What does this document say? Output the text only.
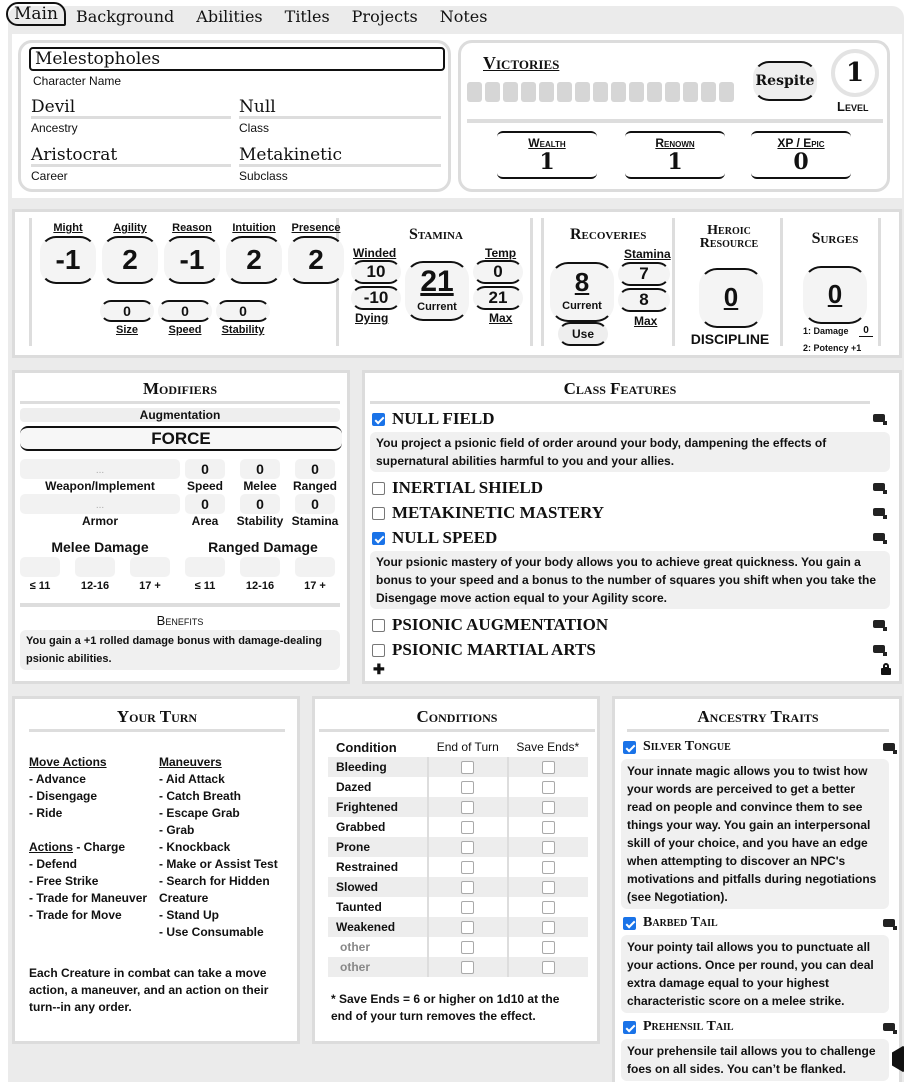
Main	Background Abilities Titles Projects Notes
Melestopholes
Character Name
Devil
Ancestry
Null
Class
Aristocrat
Career
Metakinetic
Subclass
Victories
Respite	1
Level
Wealth
1
Renown
1
XP / Epic
0
Might
-1
Agility
2
Reason
-1
Intuition
2
Presence
2
0
Size
0
Speed
0
Stability
Stamina
Winded
10
-10
Dying
21
Current
Temp
0
21
Max
Recoveries
8
Current
Use
Stamina
7
8
Max
Heroic
Resource
0
DISCIPLINE
Surges
0
1: Damage	0
2: Potency +1
Modifiers
Augmentation
FORCE
...
Weapon/Implement
...
Armor
0
Speed
0
Melee
0
Ranged
0
Area
0
Stability
0
Stamina
Melee Damage	Ranged Damage
≤ 11	12-16	17 +	≤ 11	12-16	17 +
Benefits
You gain a +1 rolled damage bonus with damage-dealing psionic abilities.
Class Features
NULL FIELD
You project a psionic field of order around your body, dampening the effects of supernatural abilities harmful to you and your allies.
INERTIAL SHIELD
METAKINETIC MASTERY
NULL SPEED
Your psionic mastery of your body allows you to achieve great quickness. You gain a bonus to your speed and a bonus to the number of squares you shift when you take the Disengage move action equal to your Agility score.
PSIONIC AUGMENTATION
PSIONIC MARTIAL ARTS
✚
Your Turn
Move Actions
- Advance
- Disengage
- Ride
Actions - Charge
- Defend
- Free Strike
- Trade for Maneuver
- Trade for Move
Maneuvers
- Aid Attack
- Catch Breath
- Escape Grab
- Grab
- Knockback
- Make or Assist Test
- Search for Hidden Creature
- Stand Up
- Use Consumable
Each Creature in combat can take a move action, a maneuver, and an action on their turn--in any order.
Conditions
Condition	End of Turn	Save Ends*
Bleeding		
Dazed		
Frightened		
Grabbed		
Prone		
Restrained		
Slowed		
Taunted		
Weakened		
other		
other		
* Save Ends = 6 or higher on 1d10 at the end of your turn removes the effect.
Ancestry Traits
Silver Tongue
Your innate magic allows you to twist how your words are perceived to get a better read on people and convince them to see things your way. You gain an interpersonal skill of your choice, and you have an edge when attempting to discover an NPC's motivations and pitfalls during negotiations (see Negotiation).
Barbed Tail
Your pointy tail allows you to punctuate all your actions. Once per round, you can deal extra damage equal to your highest characteristic score on a melee strike.
Prehensil Tail
Your prehensile tail allows you to challenge foes on all sides. You can’t be flanked.
